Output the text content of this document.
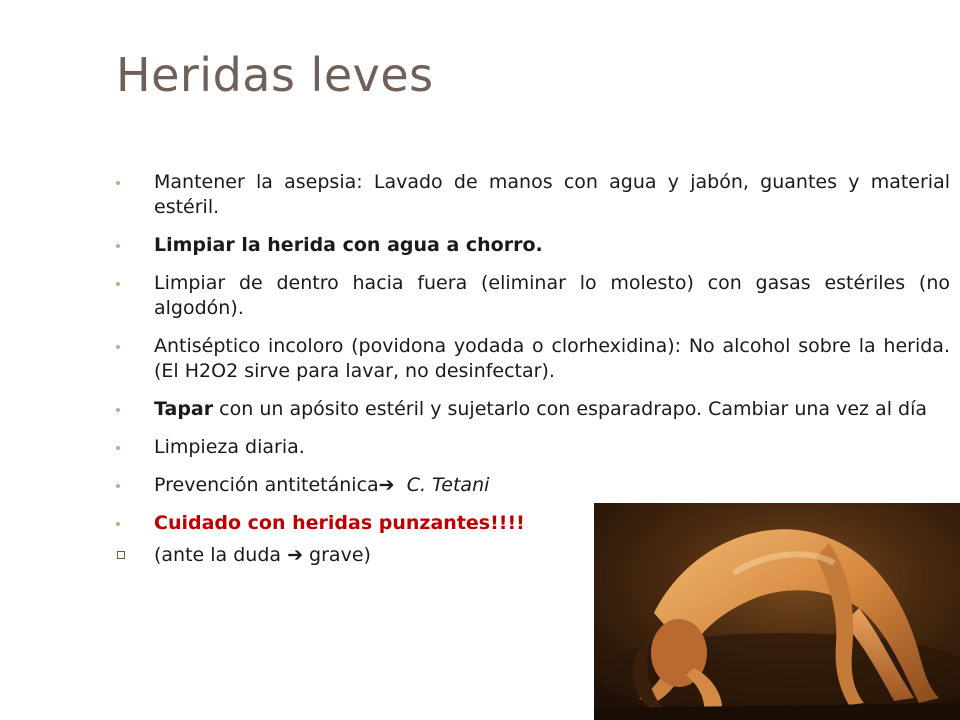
Heridas leves
Mantener la asepsia: Lavado de manos con agua y jabón, guantes y material estéril.
Limpiar la herida con agua a chorro.
Limpiar de dentro hacia fuera (eliminar lo molesto) con gasas estériles (no algodón).
Antiséptico incoloro (povidona yodada o clorhexidina): No alcohol sobre la herida. (El H2O2 sirve para lavar, no desinfectar).
Tapar con un apósito estéril y sujetarlo con esparadrapo. Cambiar una vez al día
Limpieza diaria.
Prevención antitetánica➔ C. Tetani
Cuidado con heridas punzantes!!!!
(ante la duda ➔ grave)
